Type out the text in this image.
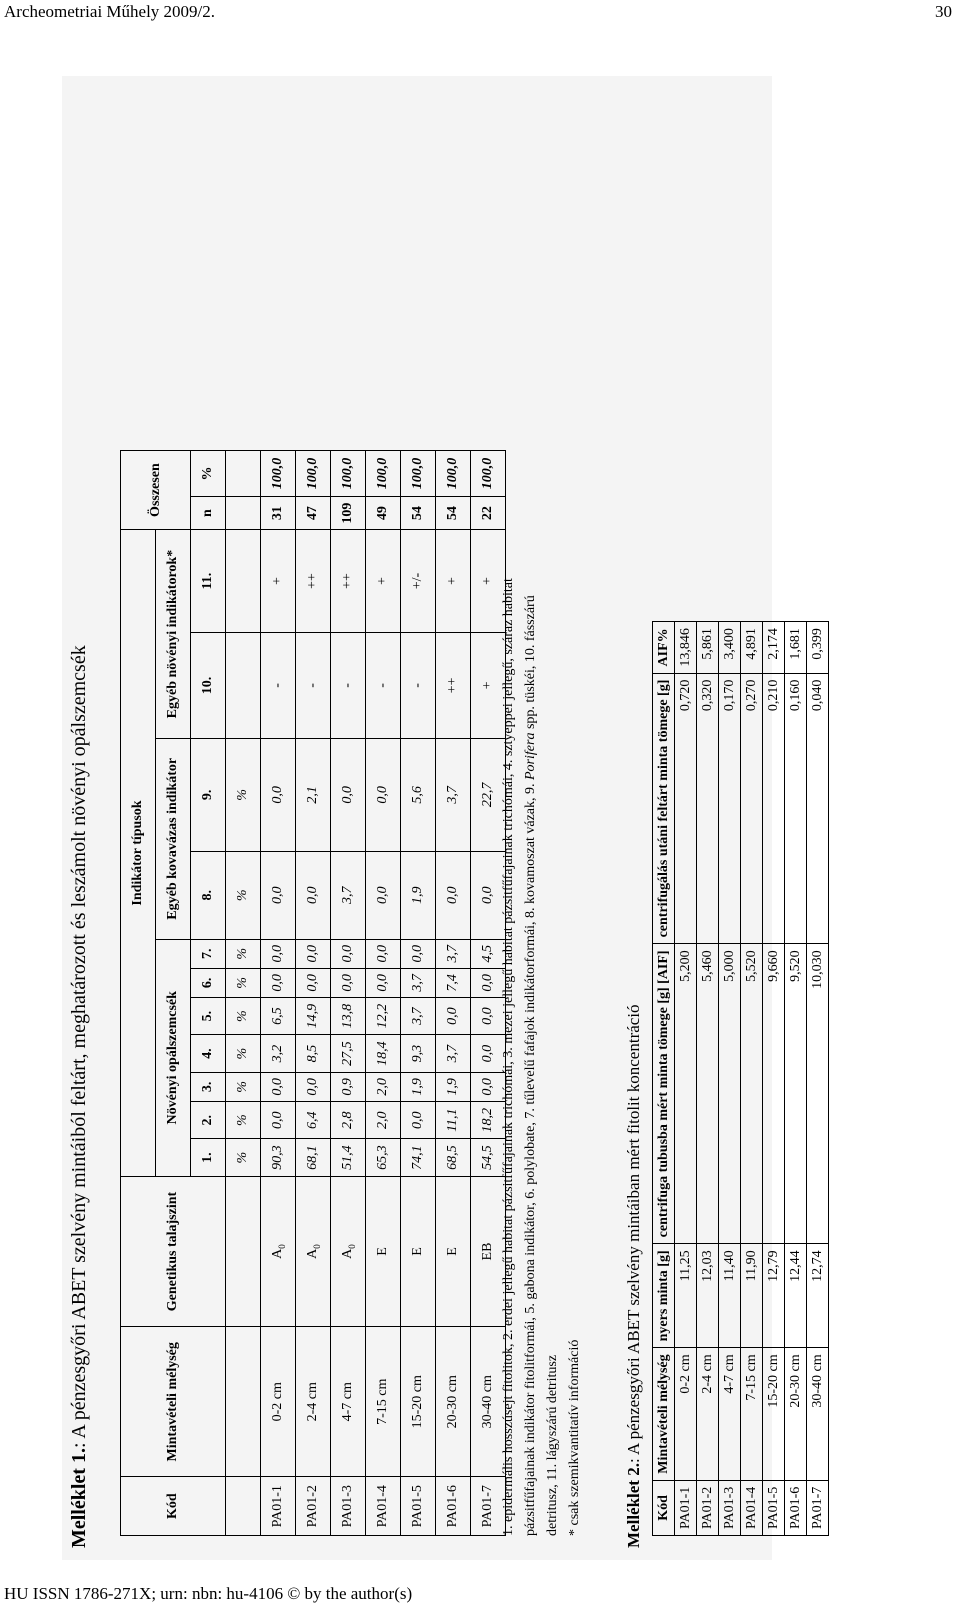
Archeometriai Műhely 2009/2.	30
Melléklet 1.: A pénzesgyőri ABET szelvény mintáiból feltárt, meghatározott és leszámolt növényi opálszemcsék
Kód	Mintavételi mélység	Genetikus talajszint	Indikátor típusok											Összesen	
			Növényi opálszemcsék							Egyéb kovavázas indikátor		Egyéb növényi indikátorok*			

			1.	2.	3.	4.	5.	6.	7.	8.	9.	10.	11.	n	%
			%	%	%	%	%	%	%	%	%				
PA01-1	0-2 cm	$A_0$	90,3	0,0	0,0	3,2	6,5	0,0	0,0	0,0	0,0	-	+	31	100,0
PA01-2	2-4 cm	$A_0$	68,1	6,4	0,0	8,5	14,9	0,0	0,0	0,0	2,1	-	++	47	100,0
PA01-3	4-7 cm	$A_0$	51,4	2,8	0,9	27,5	13,8	0,0	0,0	3,7	0,0	-	++	109	100,0
PA01-4	7-15 cm	E	65,3	2,0	2,0	18,4	12,2	0,0	0,0	0,0	0,0	-	+	49	100,0
PA01-5	15-20 cm	E	74,1	0,0	1,9	9,3	3,7	3,7	0,0	1,9	5,6	-	+/-	54	100,0
PA01-6	20-30 cm	E	68,5	11,1	1,9	3,7	0,0	7,4	3,7	0,0	3,7	++	+	54	100,0
PA01-7	30-40 cm	EB	54,5	18,2	0,0	0,0	0,0	0,0	4,5	0,0	22,7	+	+	22	100,0
1. epidermális hosszúsejt fitolitok, 2. erdei jellegű habitat pázsitfűfajainak trichómái, 3. mezei jellegű habitat pázsitfűfajainak trichómái, 4. sztyeppei jellegű, száraz habitat pázsitfűfajainak indikátor fitolitformái, 5. gabona indikátor, 6. polylobate, 7. tűlevelű fafajok indikátorformái, 8. kovamoszat vázak, 9. Porifera spp. tüskéi, 10. fásszárú
detritusz, 11. lágyszárú detritusz * csak szemikvantitatív információ Melléklet 2.: A pénzesgyőri ABET szelvény mintáiban mért fitolit koncentráció
Kód	Mintavételi mélység	nyers minta [g]	centrifuga tubusba mért minta tömege [g] [AIF]	centrifugálás utáni feltárt minta tömege [g]	AIF%
PA01-1	0-2 cm	11,25	5,200	0,720	13,846
PA01-2	2-4 cm	12,03	5,460	0,320	5,861
PA01-3	4-7 cm	11,40	5,000	0,170	3,400
PA01-4	7-15 cm	11,90	5,520	0,270	4,891
PA01-5	15-20 cm	12,79	9,660	0,210	2,174
PA01-6	20-30 cm	12,44	9,520	0,160	1,681
PA01-7	30-40 cm	12,74	10,030	0,040	0,399
HU ISSN 1786-271X; urn: nbn: hu-4106 © by the author(s)
